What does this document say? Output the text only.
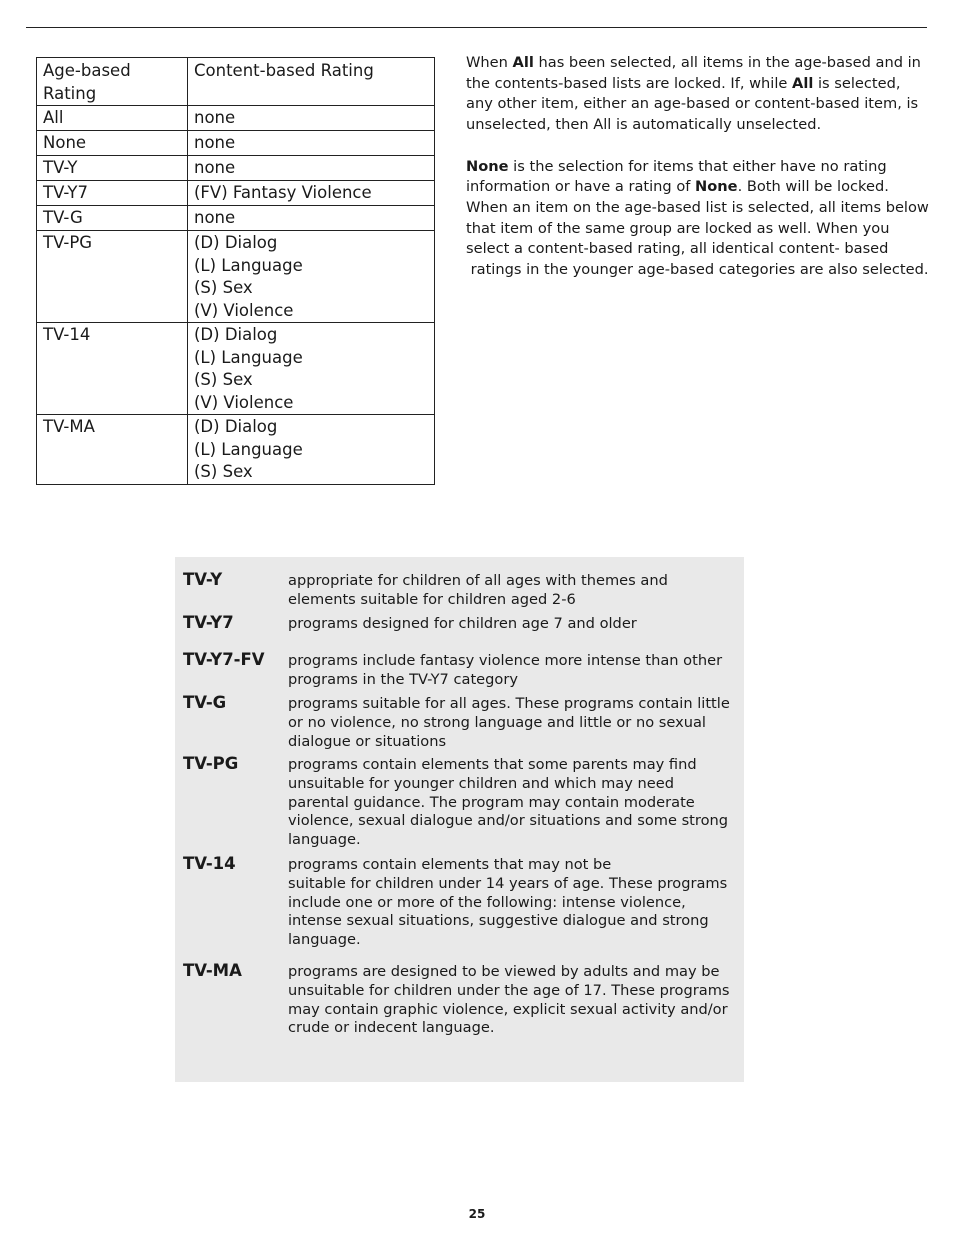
Age-based Rating	Content-based Rating
All	none
None	none
TV-Y	none
TV-Y7	(FV) Fantasy Violence
TV-G	none
TV-PG	(D) Dialog
(L) Language
(S) Sex
(V) Violence

TV-14	(D) Dialog
(L) Language
(S) Sex
(V) Violence

TV-MA	(D) Dialog
(L) Language
(S) Sex

When All has been selected, all items in the age-based and in
the contents-based lists are locked. If, while All is selected,
any other item, either an age-based or content-based item, is
unselected, then All is automatically unselected.

None is the selection for items that either have no rating
information or have a rating of None. Both will be locked.
When an item on the age-based list is selected, all items below
that item of the same group are locked as well. When you
select a content-based rating, all identical content- based
ratings in the younger age-based categories are also selected.

TV-Y	appropriate for children of all ages with themes and
elements suitable for children aged 2-6
TV-Y7	programs designed for children age 7 and older
TV-Y7-FV programs include fantasy violence more intense than other
programs in the TV-Y7 category
TV-G	programs suitable for all ages. These programs contain little
or no violence, no strong language and little or no sexual
dialogue or situations
TV-PG	programs contain elements that some parents may find
unsuitable for younger children and which may need
parental guidance. The program may contain moderate
violence, sexual dialogue and/or situations and some strong
language.
TV-14	programs contain elements that may not be
suitable for children under 14 years of age. These programs
include one or more of the following: intense violence,
intense sexual situations, suggestive dialogue and strong
language.
TV-MA	programs are designed to be viewed by adults and may be
unsuitable for children under the age of 17. These programs
may contain graphic violence, explicit sexual activity and/or
crude or indecent language.
25
